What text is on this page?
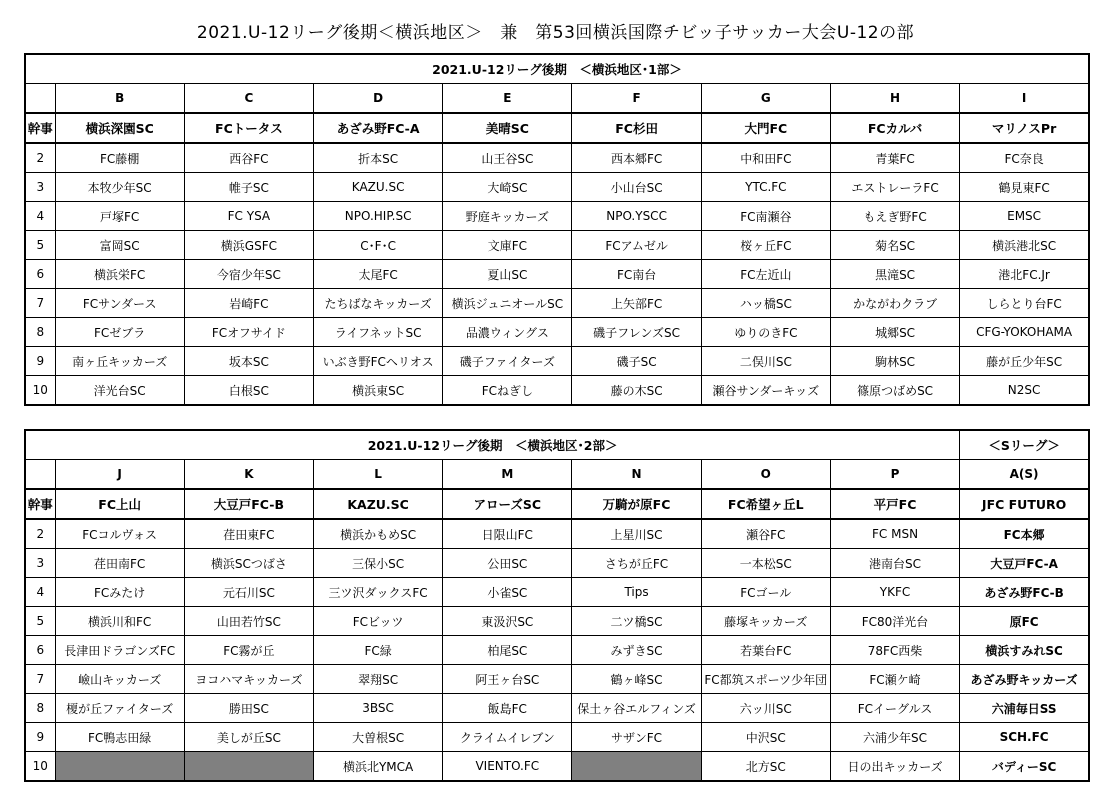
2021.U-12リーグ後期＜横浜地区＞　兼　第53回横浜国際チビッ子サッカー大会U-12の部
2021.U-12リーグ後期　＜横浜地区･1部＞								
	B	C	D	E	F	G	H	I
幹事	横浜深園SC	FCトータス	あざみ野FC-A	美晴SC	FC杉田	大門FC	FCカルバ	マリノスPr
2	FC藤棚	西谷FC	折本SC	山王谷SC	西本郷FC	中和田FC	青葉FC	FC奈良
3	本牧少年SC	帷子SC	KAZU.SC	大崎SC	小山台SC	YTC.FC	エストレーラFC	鶴見東FC
4	戸塚FC	FC YSA	NPO.HIP.SC	野庭キッカーズ	NPO.YSCC	FC南瀬谷	もえぎ野FC	EMSC
5	富岡SC	横浜GSFC	C･F･C	文庫FC	FCアムゼル	桜ヶ丘FC	菊名SC	横浜港北SC
6	横浜栄FC	今宿少年SC	太尾FC	夏山SC	FC南台	FC左近山	黒滝SC	港北FC.Jr
7	FCサンダース	岩崎FC	たちばなキッカーズ	横浜ジュニオールSC	上矢部FC	ハッ橋SC	かながわクラブ	しらとり台FC
8	FCゼブラ	FCオフサイド	ライフネットSC	品濃ウィングス	磯子フレンズSC	ゆりのきFC	城郷SC	CFG-YOKOHAMA
9	南ヶ丘キッカーズ	坂本SC	いぶき野FCヘリオス	磯子ファイターズ	磯子SC	二俣川SC	駒林SC	藤が丘少年SC
10	洋光台SC	白根SC	横浜東SC	FCねぎし	藤の木SC	瀬谷サンダーキッズ	篠原つばめSC	N2SC
2021.U-12リーグ後期　＜横浜地区･2部＞								＜Sリーグ＞
	J	K	L	M	N	O	P	A(S)
幹事	FC上山	大豆戸FC-B	KAZU.SC	アローズSC	万騎が原FC	FC希望ヶ丘L	平戸FC	JFC FUTURO
2	FCコルヴォス	荏田東FC	横浜かもめSC	日限山FC	上星川SC	瀬谷FC	FC MSN	FC本郷
3	荏田南FC	横浜SCつばさ	三保小SC	公田SC	さちが丘FC	一本松SC	港南台SC	大豆戸FC-A
4	FCみたけ	元石川SC	三ツ沢ダックスFC	小雀SC	Tips	FCゴール	YKFC	あざみ野FC-B
5	横浜川和FC	山田若竹SC	FCビッツ	東汲沢SC	二ツ橋SC	藤塚キッカーズ	FC80洋光台	原FC
6	長津田ドラゴンズFC	FC霧が丘	FC緑	柏尾SC	みずきSC	若葉台FC	78FC西柴	横浜すみれSC
7	嶮山キッカーズ	ヨコハマキッカーズ	翠翔SC	阿王ヶ台SC	鶴ヶ峰SC	FC都筑スポーツ少年団	FC瀬ケ崎	あざみ野キッカーズ
8	榎が丘ファイターズ	勝田SC	3BSC	飯島FC	保土ヶ谷エルフィンズ	六ッ川SC	FCイーグルス	六浦毎日SS
9	FC鴨志田緑	美しが丘SC	大曽根SC	クライムイレブン	サザンFC	中沢SC	六浦少年SC	SCH.FC
10			横浜北YMCA	VIENTO.FC		北方SC	日の出キッカーズ	バディーSC
